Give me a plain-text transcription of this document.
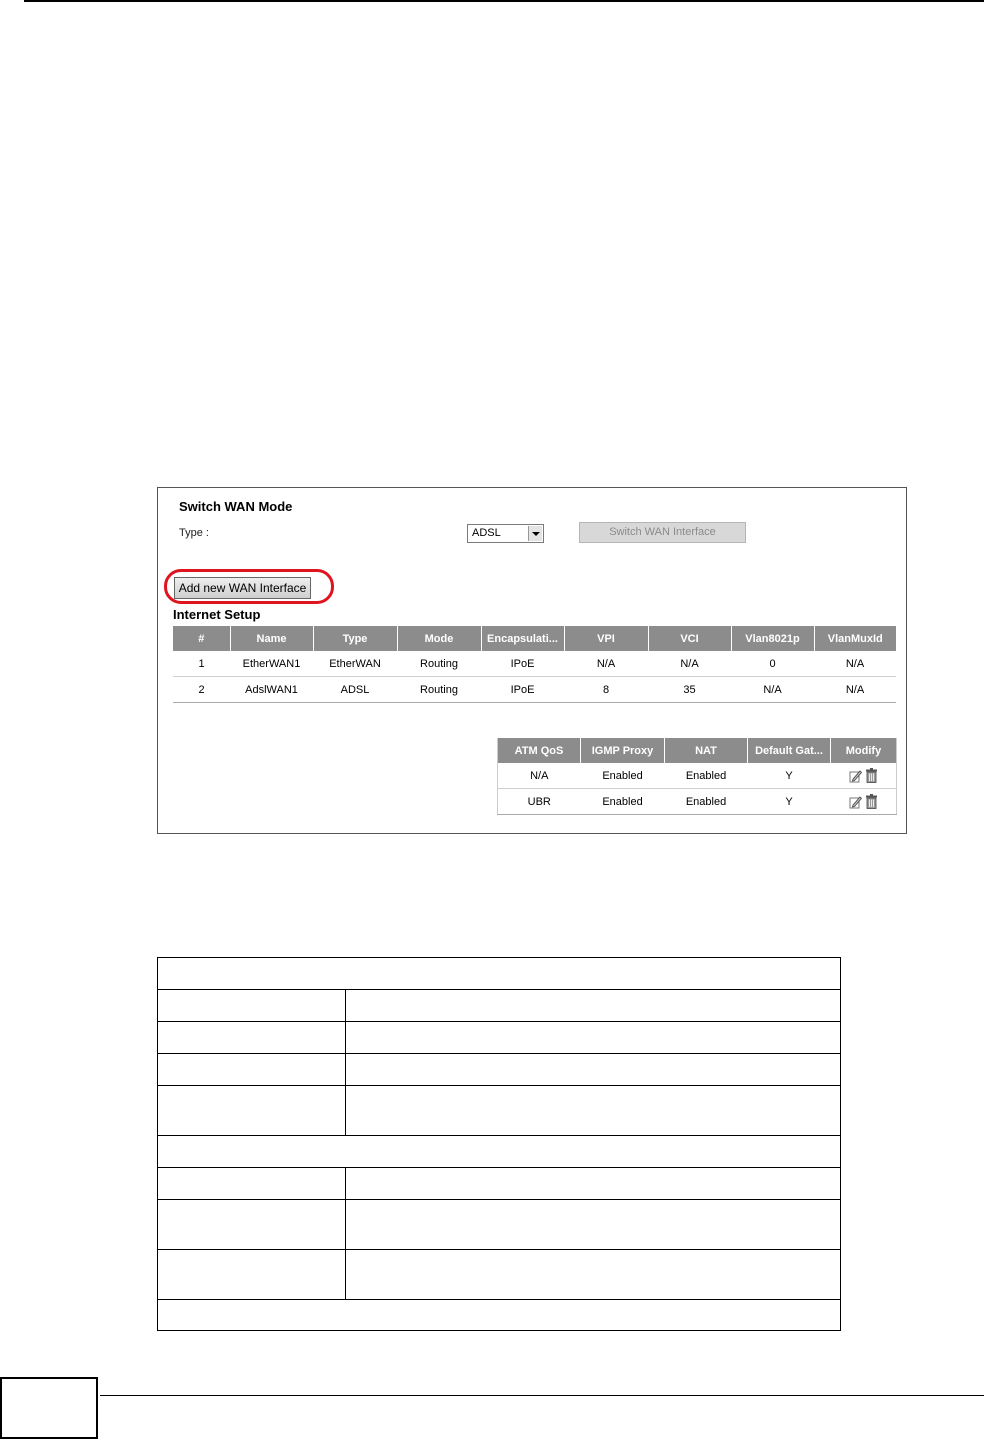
Switch WAN Mode
Type :	ADSL	Switch WAN Interface
Add new WAN Interface
Internet Setup
#	Name	Type	Mode	Encapsulati...	VPI	VCI	Vlan8021p	VlanMuxId
1	EtherWAN1	EtherWAN	Routing	IPoE	N/A	N/A	0	N/A
2	AdslWAN1	ADSL	Routing	IPoE	8	35	N/A	N/A
ATM QoS	IGMP Proxy	NAT	Default Gat...	Modify
N/A	Enabled	Enabled	Y	

UBR	Enabled	Enabled	Y	
